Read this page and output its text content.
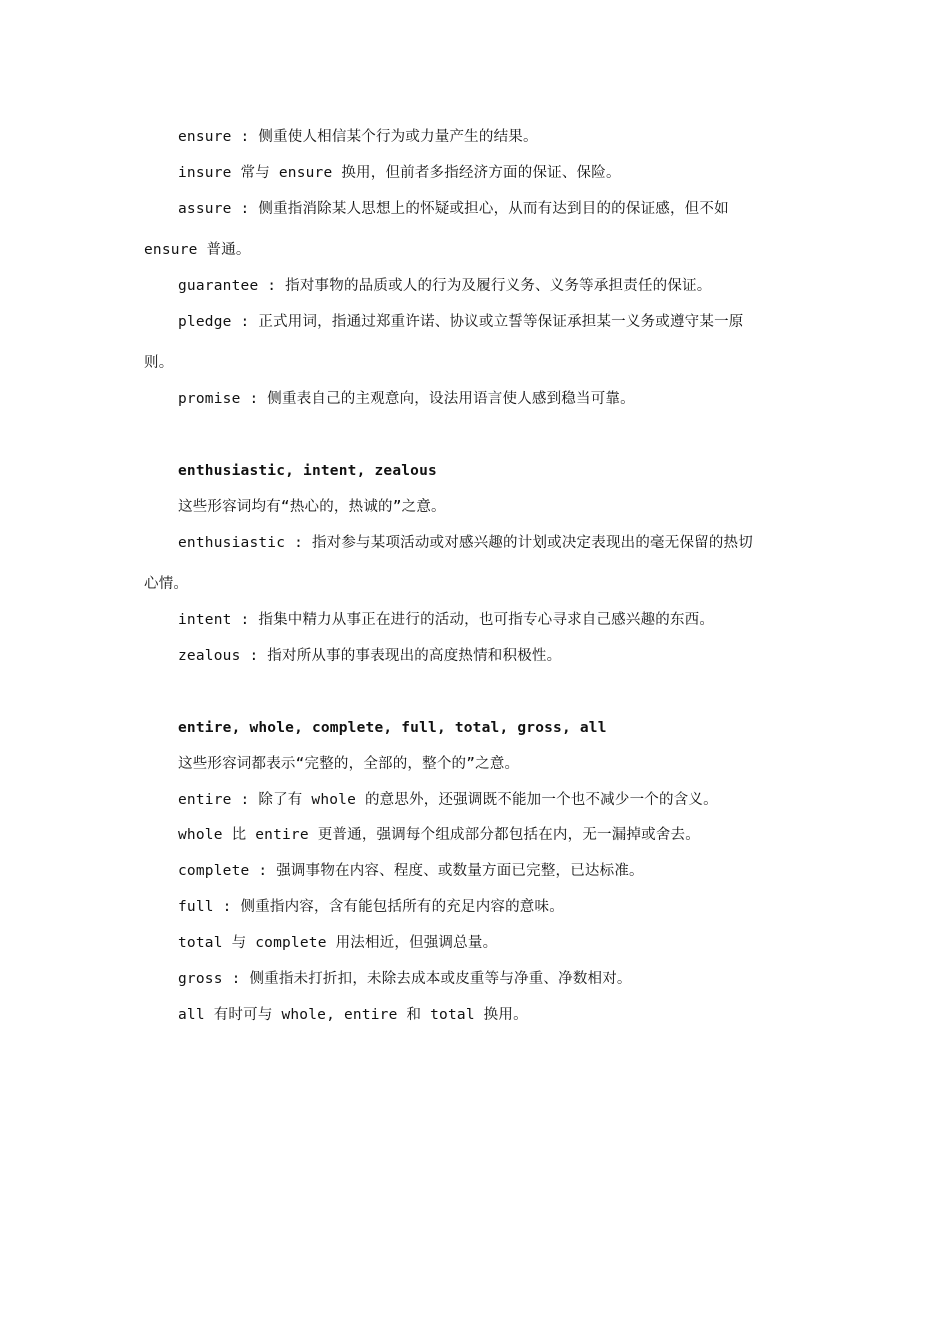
ensure : 侧重使人相信某个行为或力量产生的结果。
insure 常与 ensure 换用，但前者多指经济方面的保证、保险。
assure : 侧重指消除某人思想上的怀疑或担心，从而有达到目的的保证感，但不如
ensure 普通。
guarantee : 指对事物的品质或人的行为及履行义务、义务等承担责任的保证。
pledge : 正式用词，指通过郑重许诺、协议或立誓等保证承担某一义务或遵守某一原
则。
promise : 侧重表自己的主观意向，设法用语言使人感到稳当可靠。
enthusiastic, intent, zealous
这些形容词均有“热心的，热诚的”之意。
enthusiastic : 指对参与某项活动或对感兴趣的计划或决定表现出的毫无保留的热切
心情。
intent : 指集中精力从事正在进行的活动，也可指专心寻求自己感兴趣的东西。
zealous : 指对所从事的事表现出的高度热情和积极性。
entire, whole, complete, full, total, gross, all
这些形容词都表示“完整的，全部的，整个的”之意。
entire : 除了有 whole 的意思外，还强调既不能加一个也不减少一个的含义。
whole 比 entire 更普通，强调每个组成部分都包括在内，无一漏掉或舍去。
complete : 强调事物在内容、程度、或数量方面已完整，已达标准。
full : 侧重指内容，含有能包括所有的充足内容的意味。
total 与 complete 用法相近，但强调总量。
gross : 侧重指未打折扣，未除去成本或皮重等与净重、净数相对。
all 有时可与 whole, entire 和 total 换用。
